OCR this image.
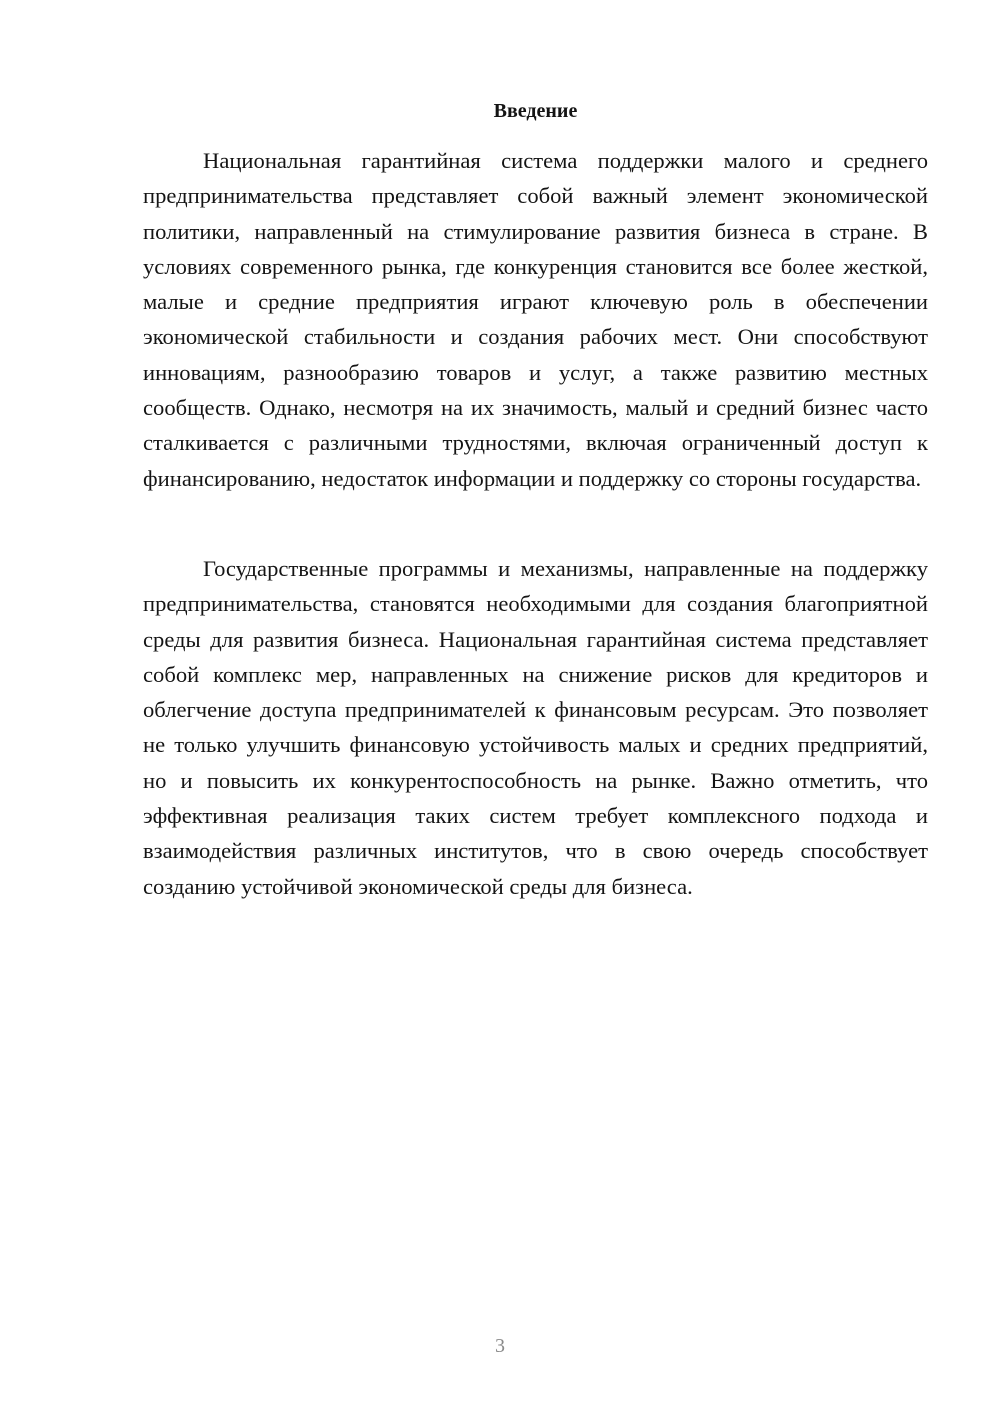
Введение

Национальная гарантийная система поддержки малого и среднего предпринимательства представляет собой важный элемент экономической политики, направленный на стимулирование развития бизнеса в стране. В условиях современного рынка, где конкуренция становится все более жесткой, малые и средние предприятия играют ключевую роль в обеспечении экономической стабильности и создания рабочих мест. Они способствуют инновациям, разнообразию товаров и услуг, а также развитию местных сообществ. Однако, несмотря на их значимость, малый и средний бизнес часто сталкивается с различными трудностями, включая ограниченный доступ к финансированию, недостаток информации и поддержку со стороны государства.

Государственные программы и механизмы, направленные на поддержку предпринимательства, становятся необходимыми для создания благоприятной среды для развития бизнеса. Национальная гарантийная система представляет собой комплекс мер, направленных на снижение рисков для кредиторов и облегчение доступа предпринимателей к финансовым ресурсам. Это позволяет не только улучшить финансовую устойчивость малых и средних предприятий, но и повысить их конкурентоспособность на рынке. Важно отметить, что эффективная реализация таких систем требует комплексного подхода и взаимодействия различных институтов, что в свою очередь способствует созданию устойчивой экономической среды для бизнеса.

3
